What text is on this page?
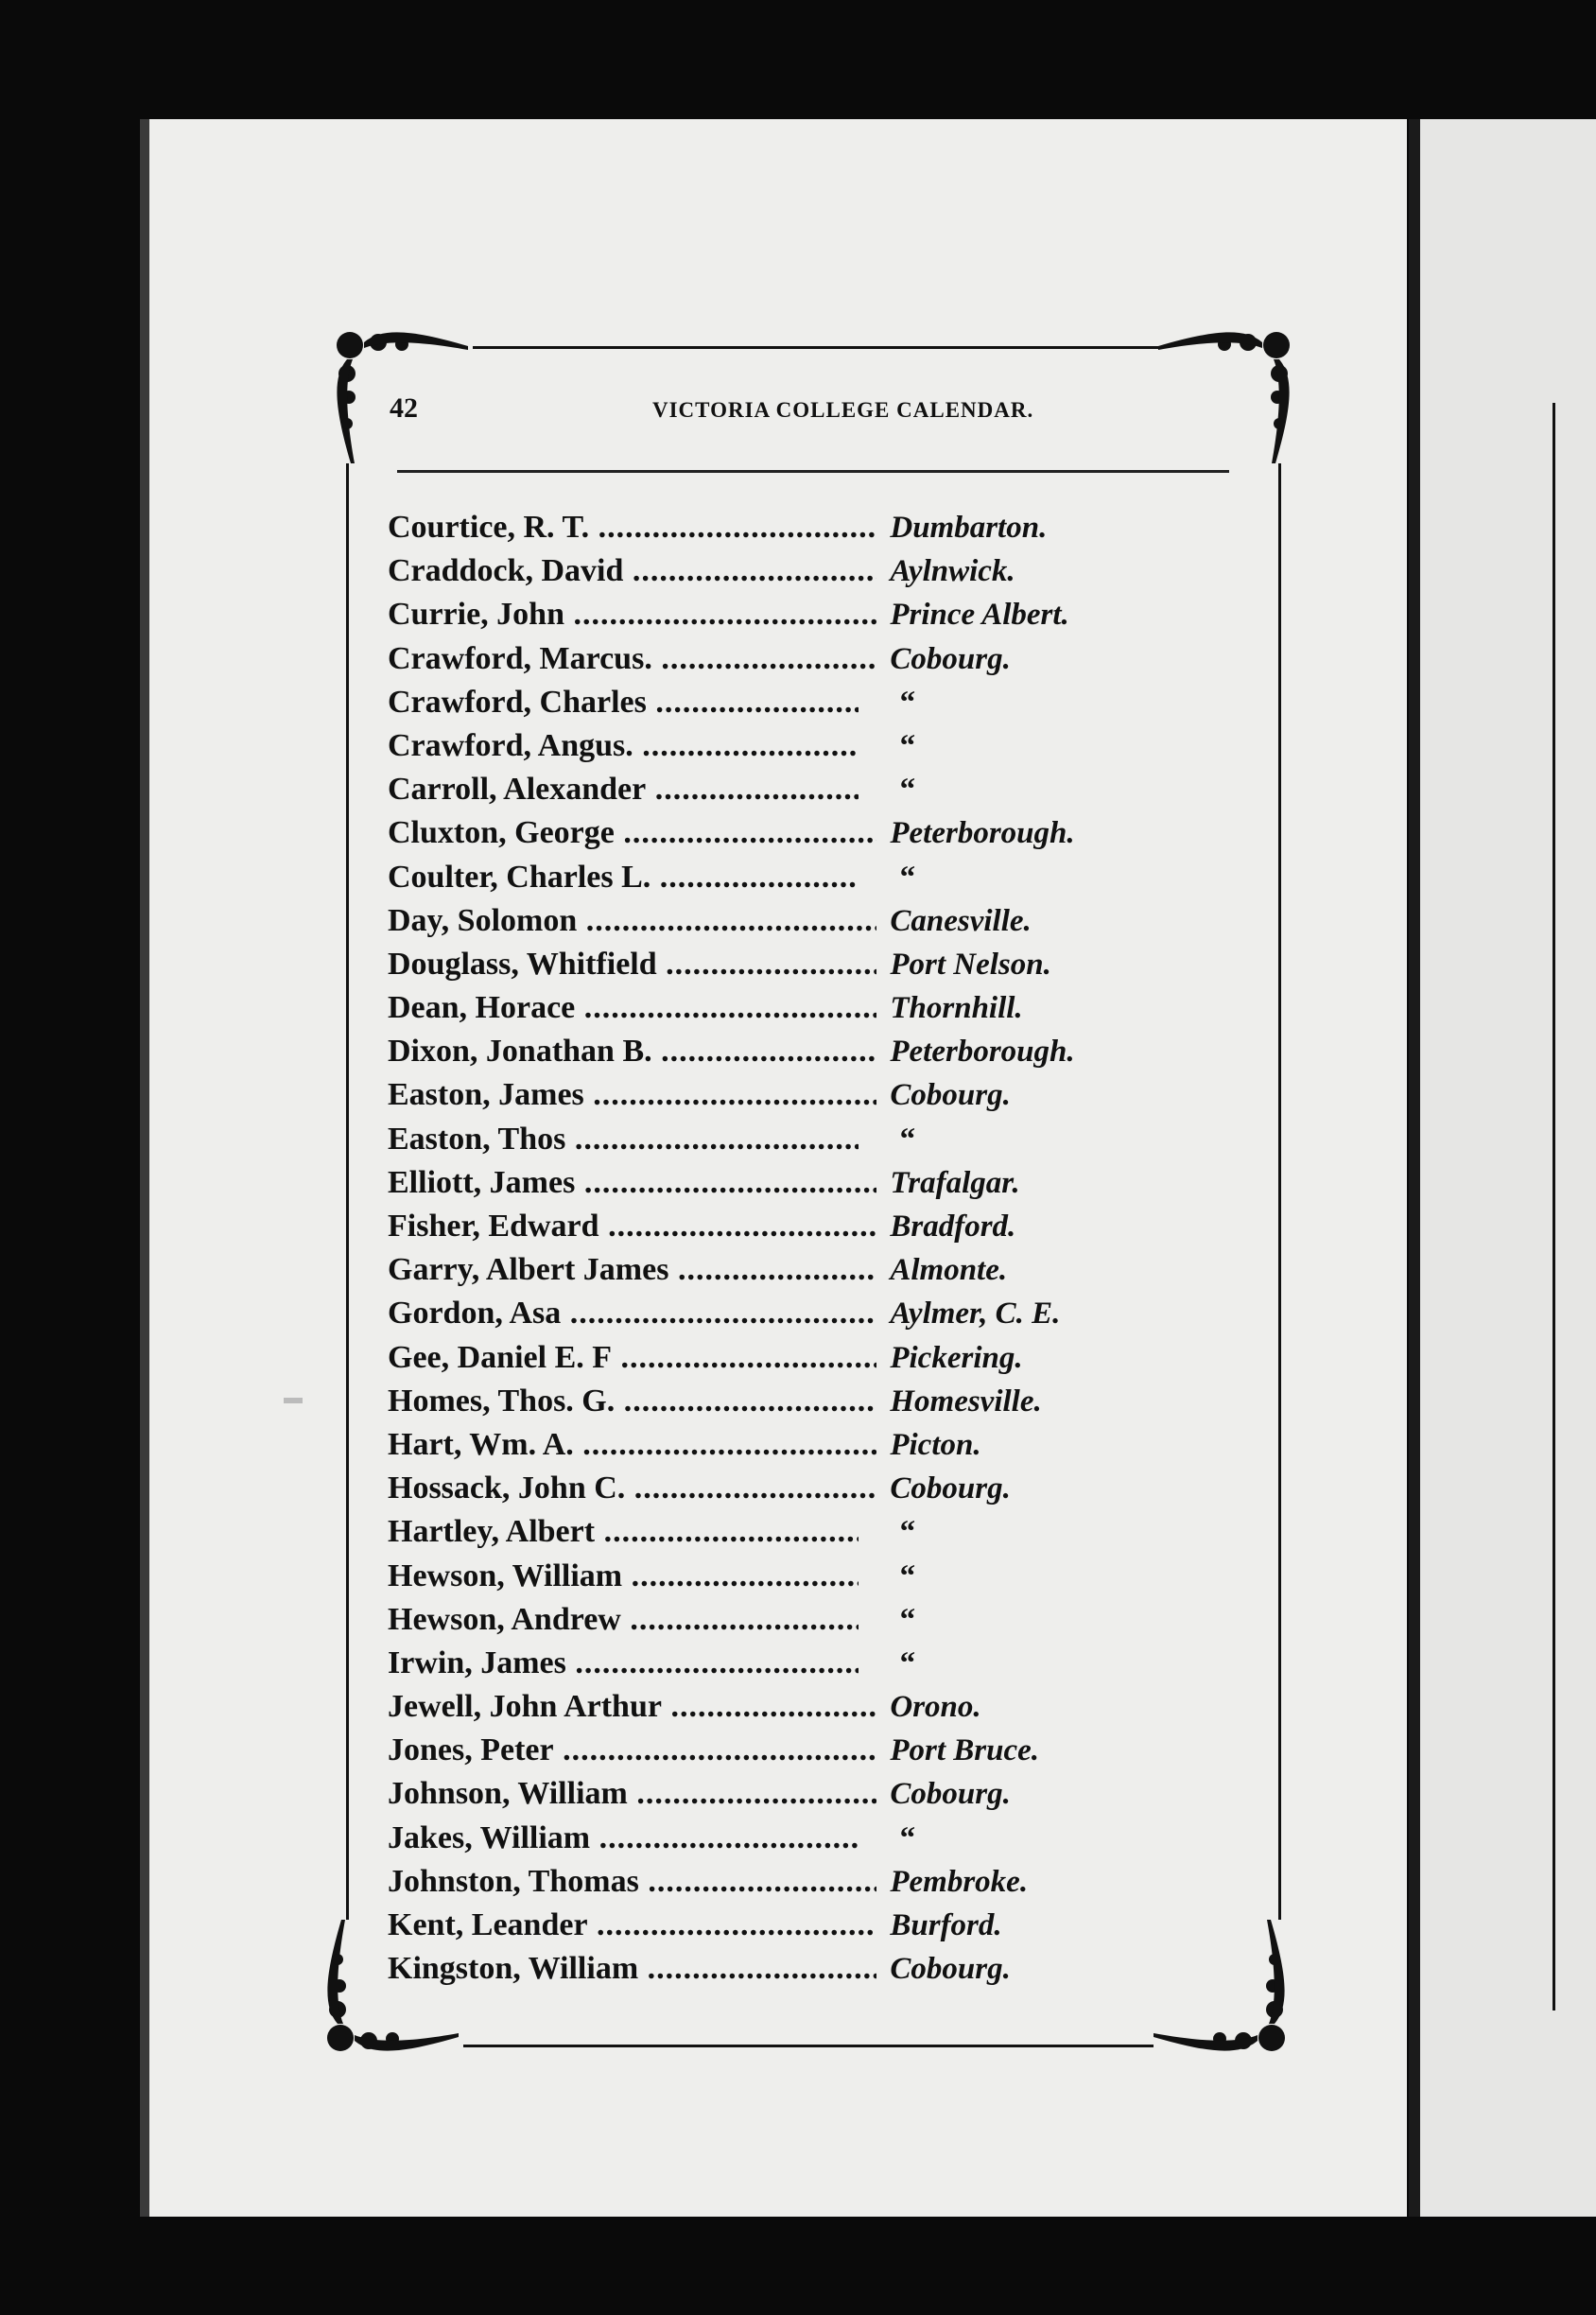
42	VICTORIA COLLEGE CALENDAR.
Courtice, R. T. .....	Dumbarton.
Craddock, David .....	Aylnwick.
Currie, John .....	Prince Albert.
Crawford, Marcus. .....	Cobourg.
Crawford, Charles .....	“
Crawford, Angus. .....	“
Carroll, Alexander .....	“
Cluxton, George .....	Peterborough.
Coulter, Charles L. .....	“
Day, Solomon .....	Canesville.
Douglass, Whitfield .....	Port Nelson.
Dean, Horace .....	Thornhill.
Dixon, Jonathan B. .....	Peterborough.
Easton, James .....	Cobourg.
Easton, Thos .....	“
Elliott, James .....	Trafalgar.
Fisher, Edward .....	Bradford.
Garry, Albert James .....	Almonte.
Gordon, Asa .....	Aylmer, C. E.
Gee, Daniel E. F .....	Pickering.
Homes, Thos. G. .....	Homesville.
Hart, Wm. A. .....	Picton.
Hossack, John C. .....	Cobourg.
Hartley, Albert .....	“
Hewson, William .....	“
Hewson, Andrew .....	“
Irwin, James .....	“
Jewell, John Arthur .....	Orono.
Jones, Peter .....	Port Bruce.
Johnson, William .....	Cobourg.
Jakes, William .....	“
Johnston, Thomas .....	Pembroke.
Kent, Leander .....	Burford.
Kingston, William .....	Cobourg.
